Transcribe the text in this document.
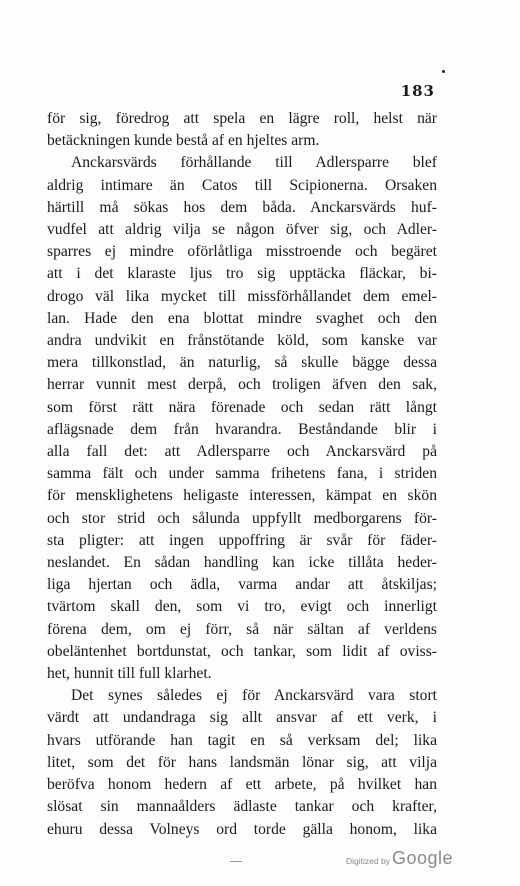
183
för sig, föredrog att spela en lägre roll, helst när
betäckningen kunde bestå af en hjeltes arm.
Anckarsvärds förhållande till Adlersparre blef
aldrig intimare än Catos till Scipionerna. Orsaken
härtill må sökas hos dem båda. Anckarsvärds huf-
vudfel att aldrig vilja se någon öfver sig, och Adler-
sparres ej mindre oförlåtliga misstroende och begäret
att i det klaraste ljus tro sig upptäcka fläckar, bi-
drogo väl lika mycket till missförhållandet dem emel-
lan. Hade den ena blottat mindre svaghet och den
andra undvikit en frånstötande köld, som kanske var
mera tillkonstlad, än naturlig, så skulle bägge dessa
herrar vunnit mest derpå, och troligen äfven den sak,
som först rätt nära förenade och sedan rätt långt
aflägsnade dem från hvarandra. Beståndande blir i
alla fall det: att Adlersparre och Anckarsvärd på
samma fält och under samma frihetens fana, i striden
för mensklighetens heligaste interessen, kämpat en skön
och stor strid och sålunda uppfyllt medborgarens för-
sta pligter: att ingen uppoffring är svår för fäder-
neslandet. En sådan handling kan icke tillåta heder-
liga hjertan och ädla, varma andar att åtskiljas;
tvärtom skall den, som vi tro, evigt och innerligt
förena dem, om ej förr, så när sältan af verldens
obeläntenhet bortdunstat, och tankar, som lidit af oviss-
het, hunnit till full klarhet.
Det synes således ej för Anckarsvärd vara stort
värdt att undandraga sig allt ansvar af ett verk, i
hvars utförande han tagit en så verksam del; lika
litet, som det för hans landsmän lönar sig, att vilja
beröfva honom hedern af ett arbete, på hvilket han
slösat sin mannaålders ädlaste tankar och krafter,
ehuru dessa Volneys ord torde gälla honom, lika
Digitized by Google
